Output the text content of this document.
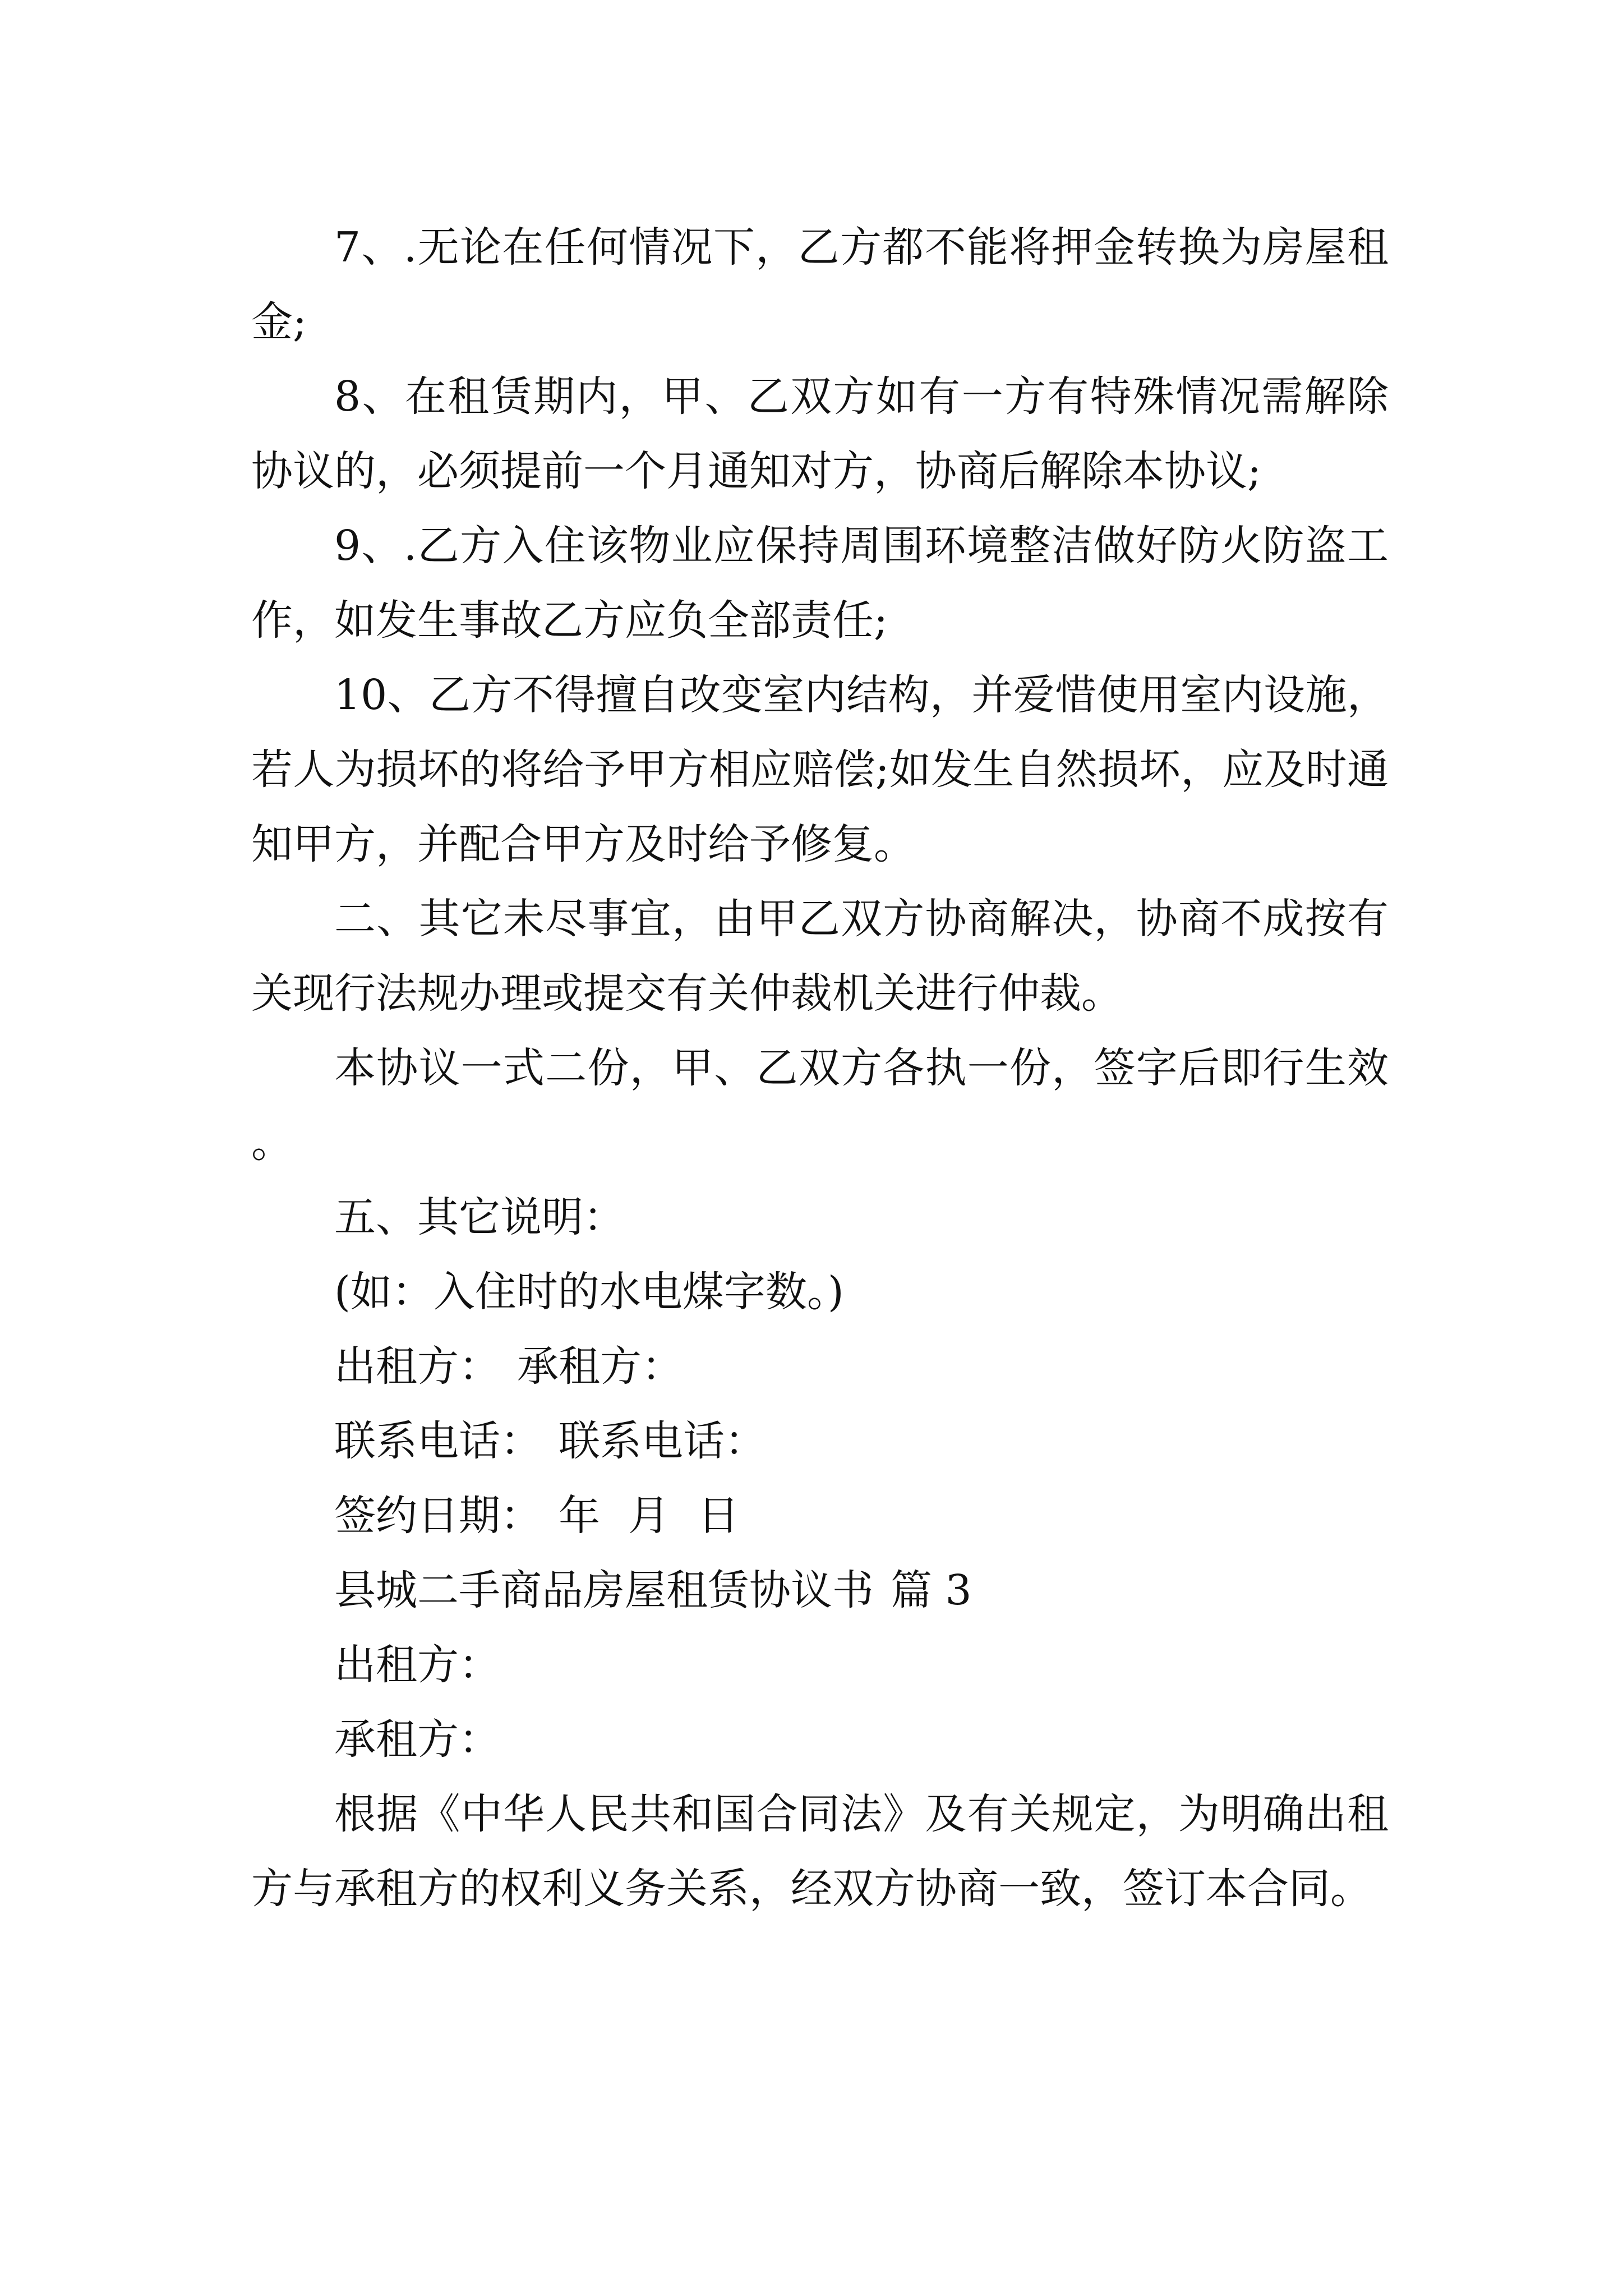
7、.无论在任何情况下，乙方都不能将押金转换为房屋租金;

8、在租赁期内，甲、乙双方如有一方有特殊情况需解除协议的，必须提前一个月通知对方，协商后解除本协议;

9、.乙方入住该物业应保持周围环境整洁做好防火防盗工作，如发生事故乙方应负全部责任;

10、乙方不得擅自改变室内结构，并爱惜使用室内设施，若人为损坏的将给予甲方相应赔偿;如发生自然损坏，应及时通知甲方，并配合甲方及时给予修复。

二、其它未尽事宜，由甲乙双方协商解决，协商不成按有关现行法规办理或提交有关仲裁机关进行仲裁。

本协议一式二份，甲、乙双方各执一份，签字后即行生效。

五、其它说明：

(如：入住时的水电煤字数。)

出租方： 承租方：

联系电话： 联系电话：

签约日期： 年 月 日

县城二手商品房屋租赁协议书 篇 3

出租方：

承租方：

根据《中华人民共和国合同法》及有关规定，为明确出租方与承租方的权利义务关系，经双方协商一致，签订本合同。
